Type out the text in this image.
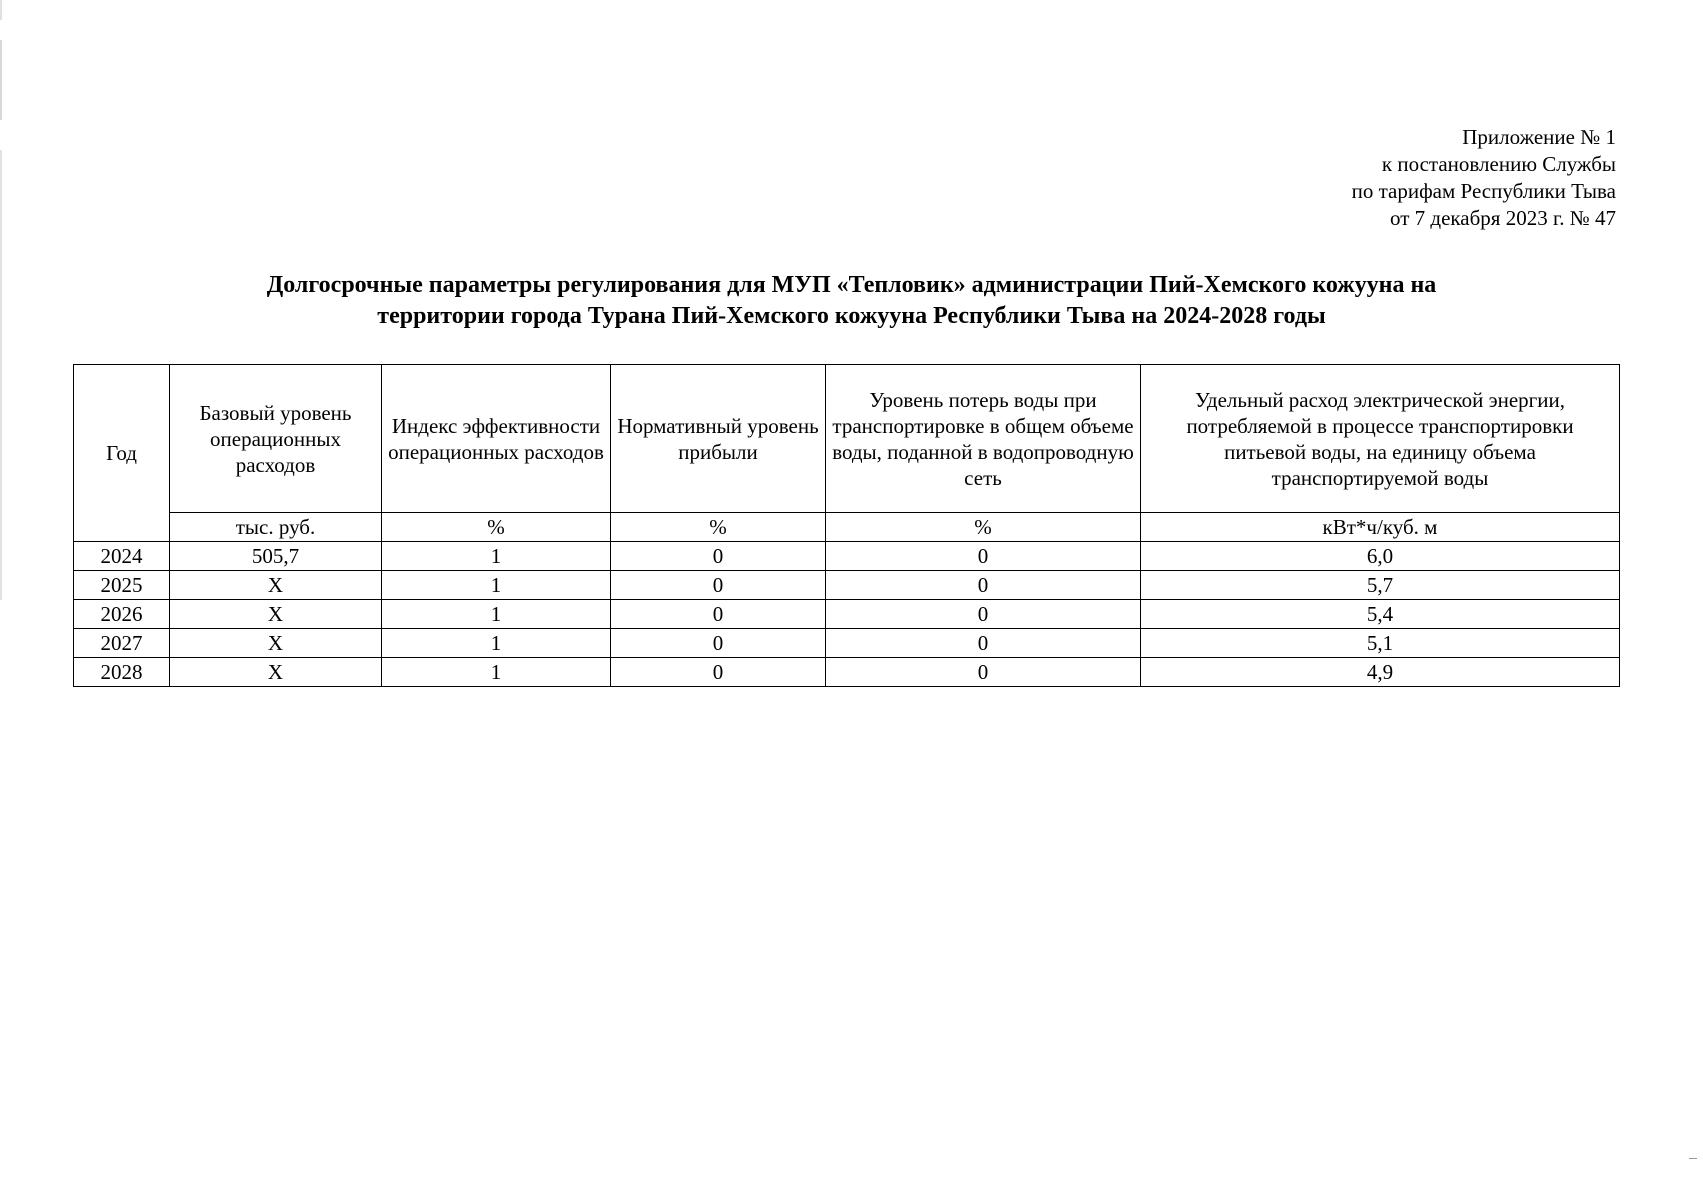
Приложение № 1
к постановлению Службы
по тарифам Республики Тыва
от 7 декабря 2023 г. № 47
Долгосрочные параметры регулирования для МУП «Тепловик» администрации Пий-Хемского кожууна на
территории города Турана Пий-Хемского кожууна Республики Тыва на 2024-2028 годы
Год	Базовый уровень операционных расходов	Индекс эффективности операционных расходов	Нормативный уровень прибыли	Уровень потерь воды при транспортировке в общем объеме воды, поданной в водопроводную сеть	Удельный расход электрической энергии, потребляемой в процессе транспортировки питьевой воды, на единицу объема транспортируемой воды
	тыс. руб.	%	%	%	кВт*ч/куб. м
2024	505,7	1	0	0	6,0
2025	X	1	0	0	5,7
2026	X	1	0	0	5,4
2027	X	1	0	0	5,1
2028	X	1	0	0	4,9
